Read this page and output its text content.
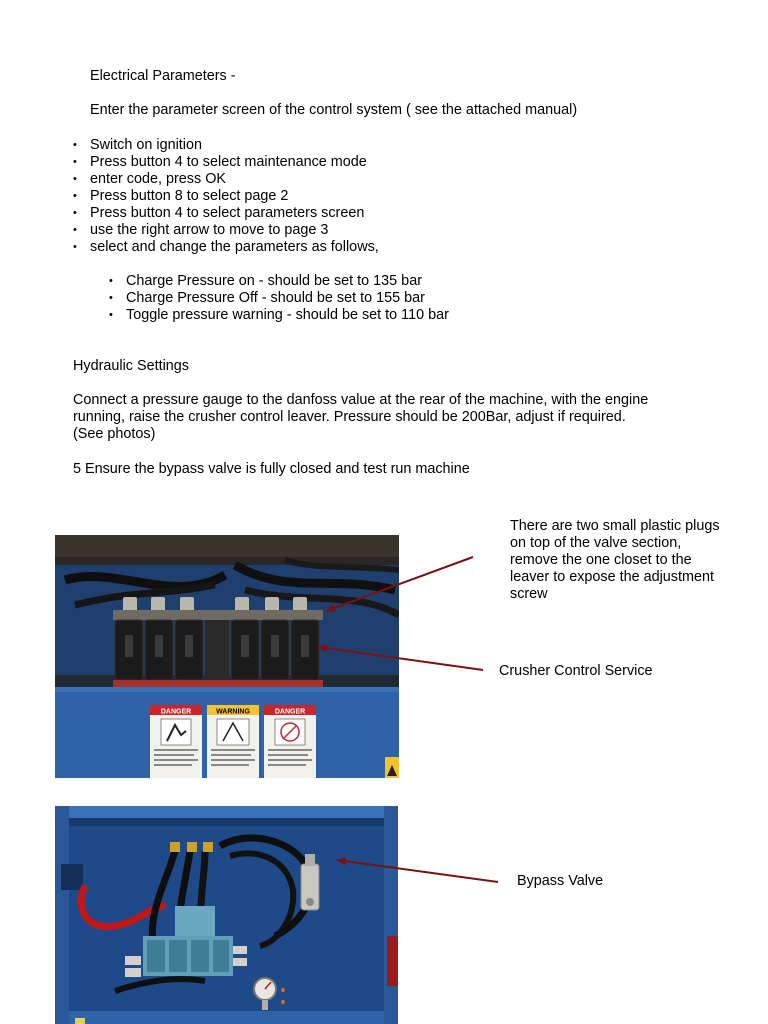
Electrical Parameters -
Enter the parameter screen of the control system ( see the attached manual)
• Switch on ignition
• Press button 4 to select maintenance mode
• enter code, press OK
• Press button 8 to select page 2
• Press button 4 to select parameters screen
• use the right arrow to move to page 3
• select and change the parameters as follows,
• Charge Pressure on - should be set to 135 bar
• Charge Pressure Off - should be set to 155 bar
• Toggle pressure warning - should be set to 110 bar
Hydraulic Settings
Connect a pressure gauge to the danfoss value at the rear of the machine, with the engine
running, raise the crusher control leaver. Pressure should be 200Bar, adjust if required.
(See photos)
5 Ensure the bypass valve is fully closed and test run machine
There are two small plastic plugs
on top of the valve section,
remove the one closet to the
leaver to expose the adjustment
screw
Crusher Control Service
Bypass Valve
DANGER	WARNING	DANGER
